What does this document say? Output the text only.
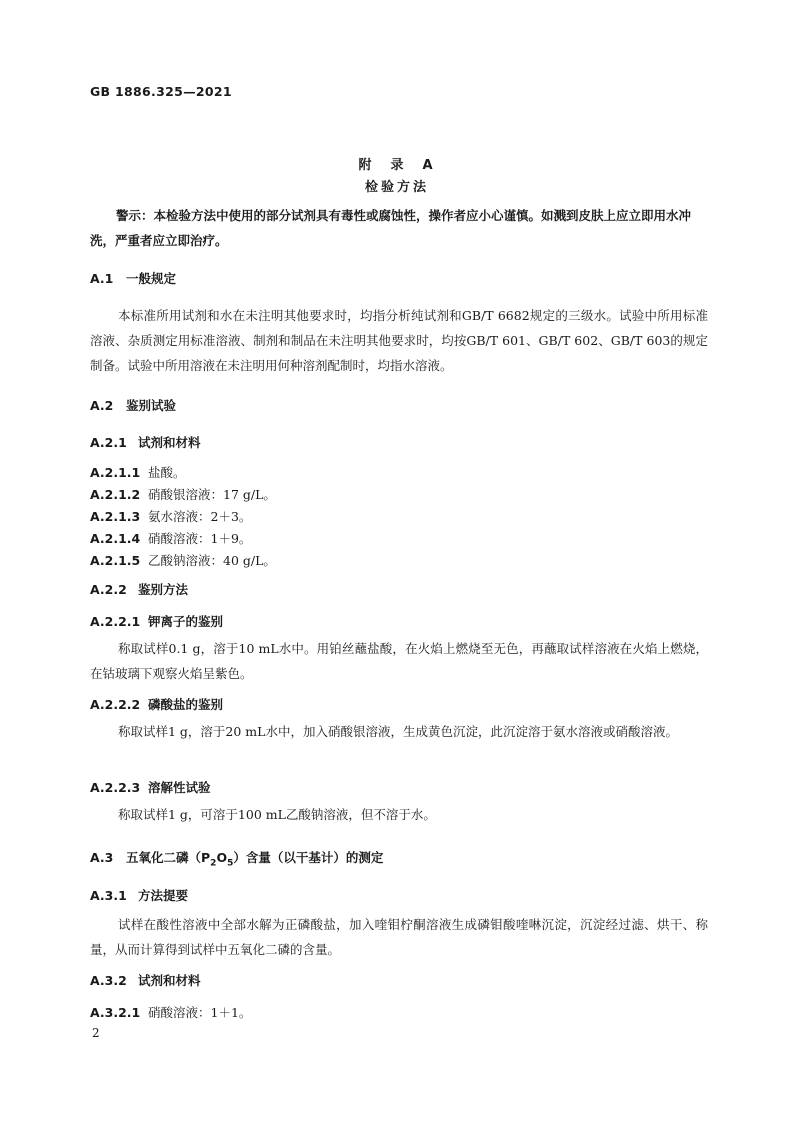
GB 1886.325—2021
附　录　A
检验方法
警示：本检验方法中使用的部分试剂具有毒性或腐蚀性，操作者应小心谨慎。如溅到皮肤上应立即用水冲洗，严重者应立即治疗。
A.1 一般规定
本标准所用试剂和水在未注明其他要求时，均指分析纯试剂和GB/T 6682规定的三级水。试验中所用标准溶液、杂质测定用标准溶液、制剂和制品在未注明其他要求时，均按GB/T 601、GB/T 602、GB/T 603的规定制备。试验中所用溶液在未注明用何种溶剂配制时，均指水溶液。
A.2 鉴别试验
A.2.1 试剂和材料
A.2.1.1 盐酸。
A.2.1.2 硝酸银溶液：17 g/L。
A.2.1.3 氨水溶液：2＋3。
A.2.1.4 硝酸溶液：1＋9。
A.2.1.5 乙酸钠溶液：40 g/L。
A.2.2 鉴别方法
A.2.2.1 钾离子的鉴别
称取试样0.1 g，溶于10 mL水中。用铂丝蘸盐酸，在火焰上燃烧至无色，再蘸取试样溶液在火焰上燃烧，在钴玻璃下观察火焰呈紫色。
A.2.2.2 磷酸盐的鉴别
称取试样1 g，溶于20 mL水中，加入硝酸银溶液，生成黄色沉淀，此沉淀溶于氨水溶液或硝酸溶液。
A.2.2.3 溶解性试验
称取试样1 g，可溶于100 mL乙酸钠溶液，但不溶于水。
A.3 五氧化二磷$(P_2O_5)$含量（以干基计）的测定
A.3.1 方法提要
试样在酸性溶液中全部水解为正磷酸盐，加入喹钼柠酮溶液生成磷钼酸喹啉沉淀，沉淀经过滤、烘干、称量，从而计算得到试样中五氧化二磷的含量。
A.3.2 试剂和材料
A.3.2.1 硝酸溶液：1＋1。
2
